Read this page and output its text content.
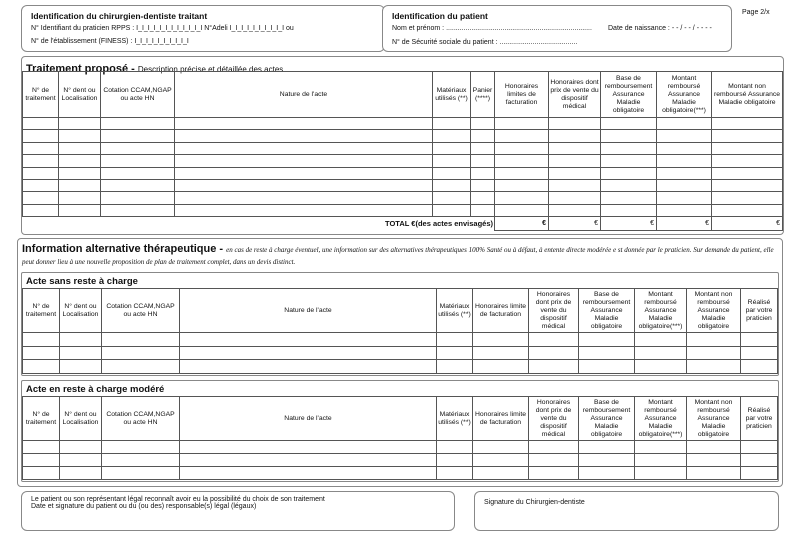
Identification du chirurgien-dentiste traitant
N° Identifiant du praticien RPPS : I_I_I_I_I_I_I_I_I_I_I_I N°Adeli I_I_I_I_I_I_I_I_I_I ou
N° de l'établissement (FINESS) : I_I_I_I_I_I_I_I_I_I
Identification du patient
Nom et prénom : ........................................................................... Date de naissance : - - / - - / - - - -
N° de Sécurité sociale du patient : ........................................
Page 2/x
Traitement proposé - Description précise et détaillée des actes
N° de traitement	N° dent ou Localisation	Cotation CCAM,NGAP ou acte HN	Nature de l'acte	Matériaux utilisés (**)	Panier (****)	Honoraires limites de facturation	Honoraires dont prix de vente du dispositif médical	Base de remboursement Assurance Maladie obligatoire	Montant remboursé Assurance Maladie obligatoire(***)	Montant non remboursé Assurance Maladie obligatoire

TOTAL €(des actes envisagés)						€	€	€	€	€
Information alternative thérapeutique - en cas de reste à charge éventuel, une information sur des alternatives thérapeutiques 100% Santé ou à défaut, à entente directe modérée e st donnée par le praticien. Sur demande du patient, elle peut donner lieu à une nouvelle proposition de plan de traitement complet, dans un devis distinct.
Acte sans reste à charge
N° de traitement	N° dent ou Localisation	Cotation CCAM,NGAP ou acte HN	Nature de l'acte	Matériaux utilisés (**)	Honoraires limite de facturation	Honoraires dont prix de vente du dispositif médical	Base de remboursement Assurance Maladie obligatoire	Montant remboursé Assurance Maladie obligatoire(***)	Montant non remboursé Assurance Maladie obligatoire	Réalisé par votre praticien

Acte en reste à charge modéré
N° de traitement	N° dent ou Localisation	Cotation CCAM,NGAP ou acte HN	Nature de l'acte	Matériaux utilisés (**)	Honoraires limite de facturation	Honoraires dont prix de vente du dispositif médical	Base de remboursement Assurance Maladie obligatoire	Montant remboursé Assurance Maladie obligatoire(***)	Montant non remboursé Assurance Maladie obligatoire	Réalisé par votre praticien

Le patient ou son représentant légal reconnaît avoir eu la possibilité du choix de son traitement
Date et signature du patient ou du (ou des) responsable(s) légal (légaux)
Signature du Chirurgien-dentiste
